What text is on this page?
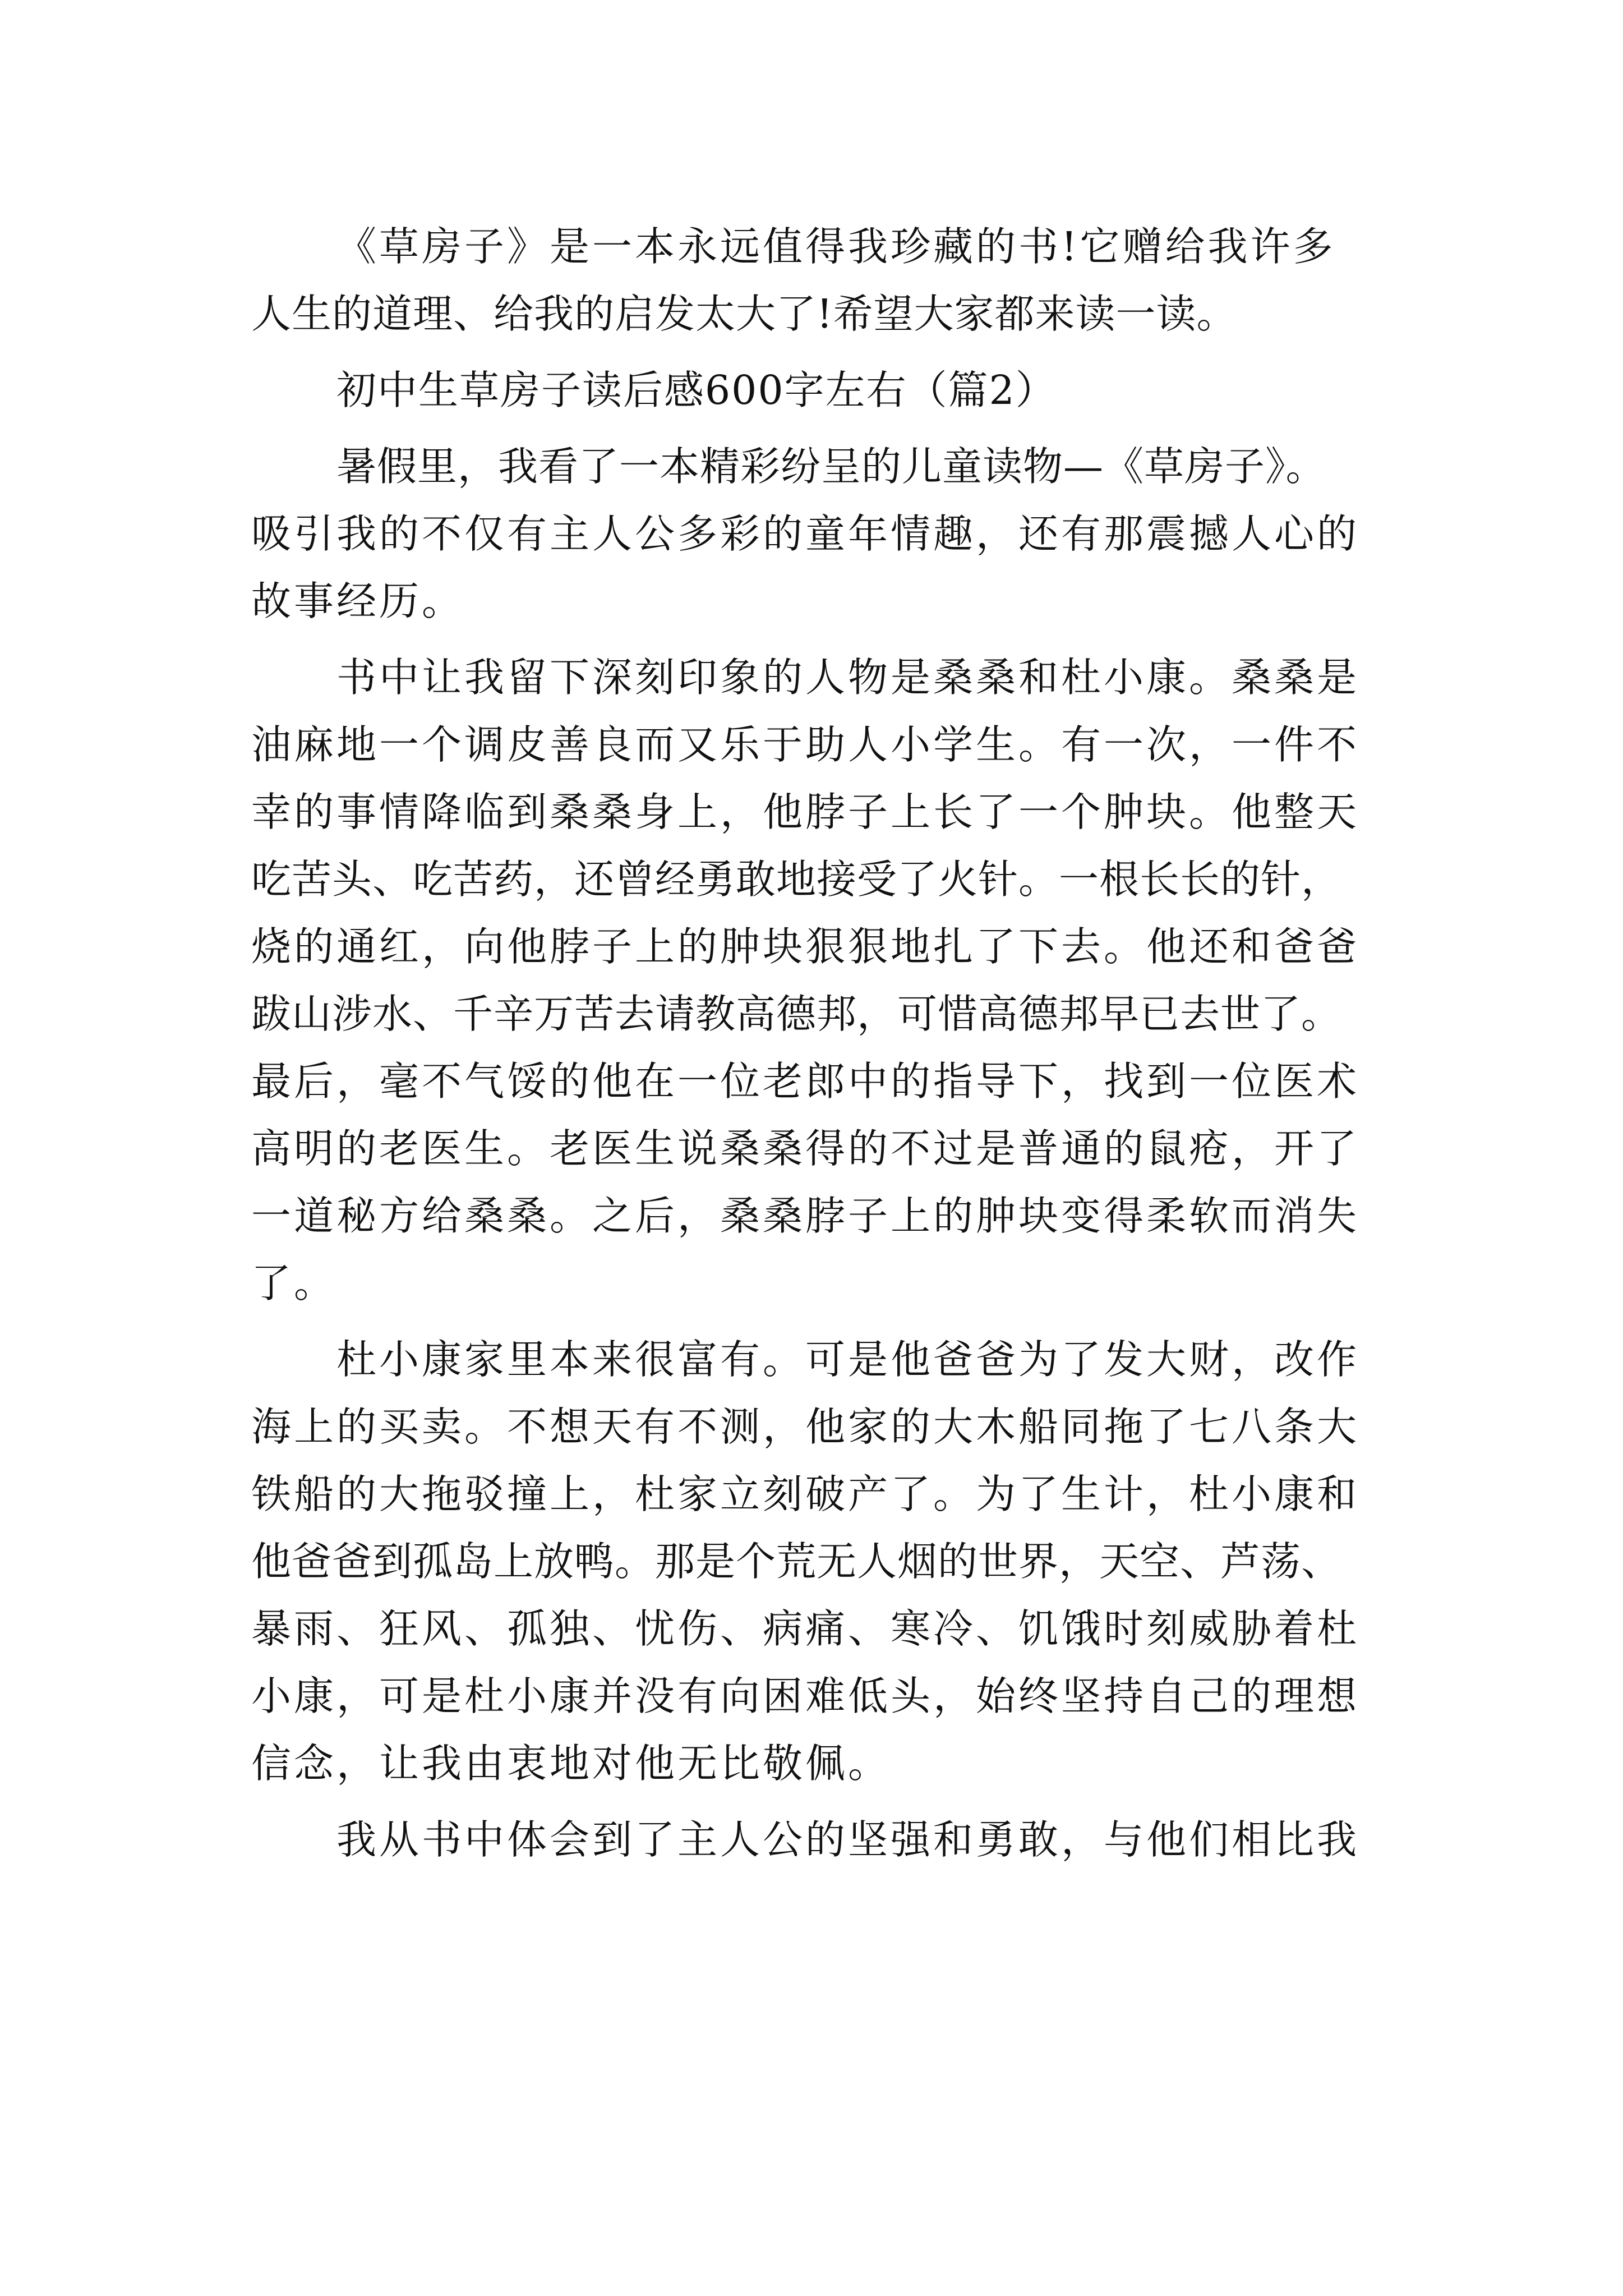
《草房子》是一本永远值得我珍藏的书!它赠给我许多
人生的道理、给我的启发太大了!希望大家都来读一读。

初中生草房子读后感600字左右（篇2）

暑假里，我看了一本精彩纷呈的儿童读物—《草房子》。
吸引我的不仅有主人公多彩的童年情趣，还有那震撼人心的
故事经历。

书中让我留下深刻印象的人物是桑桑和杜小康。桑桑是
油麻地一个调皮善良而又乐于助人小学生。有一次，一件不
幸的事情降临到桑桑身上，他脖子上长了一个肿块。他整天
吃苦头、吃苦药，还曾经勇敢地接受了火针。一根长长的针，
烧的通红，向他脖子上的肿块狠狠地扎了下去。他还和爸爸
跋山涉水、千辛万苦去请教高德邦，可惜高德邦早已去世了。
最后，毫不气馁的他在一位老郎中的指导下，找到一位医术
高明的老医生。老医生说桑桑得的不过是普通的鼠疮，开了
一道秘方给桑桑。之后，桑桑脖子上的肿块变得柔软而消失
了。

杜小康家里本来很富有。可是他爸爸为了发大财，改作
海上的买卖。不想天有不测，他家的大木船同拖了七八条大
铁船的大拖驳撞上，杜家立刻破产了。为了生计，杜小康和
他爸爸到孤岛上放鸭。那是个荒无人烟的世界，天空、芦荡、
暴雨、狂风、孤独、忧伤、病痛、寒冷、饥饿时刻威胁着杜
小康，可是杜小康并没有向困难低头，始终坚持自己的理想
信念，让我由衷地对他无比敬佩。

我从书中体会到了主人公的坚强和勇敢，与他们相比我
